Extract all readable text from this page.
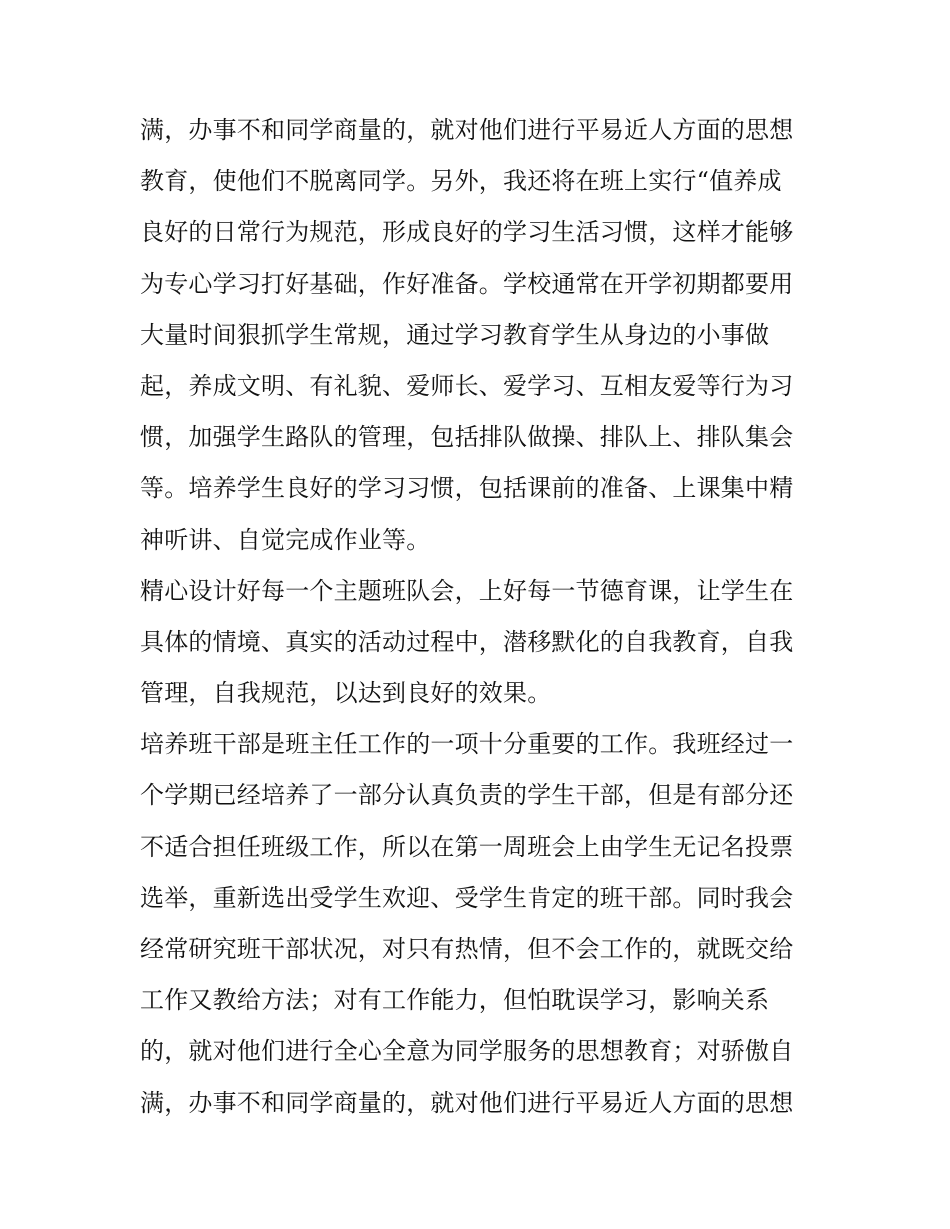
满，办事不和同学商量的，就对他们进行平易近人方面的思想
教育，使他们不脱离同学。另外，我还将在班上实行“值养成
良好的日常行为规范，形成良好的学习生活习惯，这样才能够
为专心学习打好基础，作好准备。学校通常在开学初期都要用
大量时间狠抓学生常规，通过学习教育学生从身边的小事做
起，养成文明、有礼貌、爱师长、爱学习、互相友爱等行为习
惯，加强学生路队的管理，包括排队做操、排队上、排队集会
等。培养学生良好的学习习惯，包括课前的准备、上课集中精
神听讲、自觉完成作业等。
精心设计好每一个主题班队会，上好每一节德育课，让学生在
具体的情境、真实的活动过程中，潜移默化的自我教育，自我
管理，自我规范，以达到良好的效果。
培养班干部是班主任工作的一项十分重要的工作。我班经过一
个学期已经培养了一部分认真负责的学生干部，但是有部分还
不适合担任班级工作，所以在第一周班会上由学生无记名投票
选举，重新选出受学生欢迎、受学生肯定的班干部。同时我会
经常研究班干部状况，对只有热情，但不会工作的，就既交给
工作又教给方法；对有工作能力，但怕耽误学习，影响关系
的，就对他们进行全心全意为同学服务的思想教育；对骄傲自
满，办事不和同学商量的，就对他们进行平易近人方面的思想
